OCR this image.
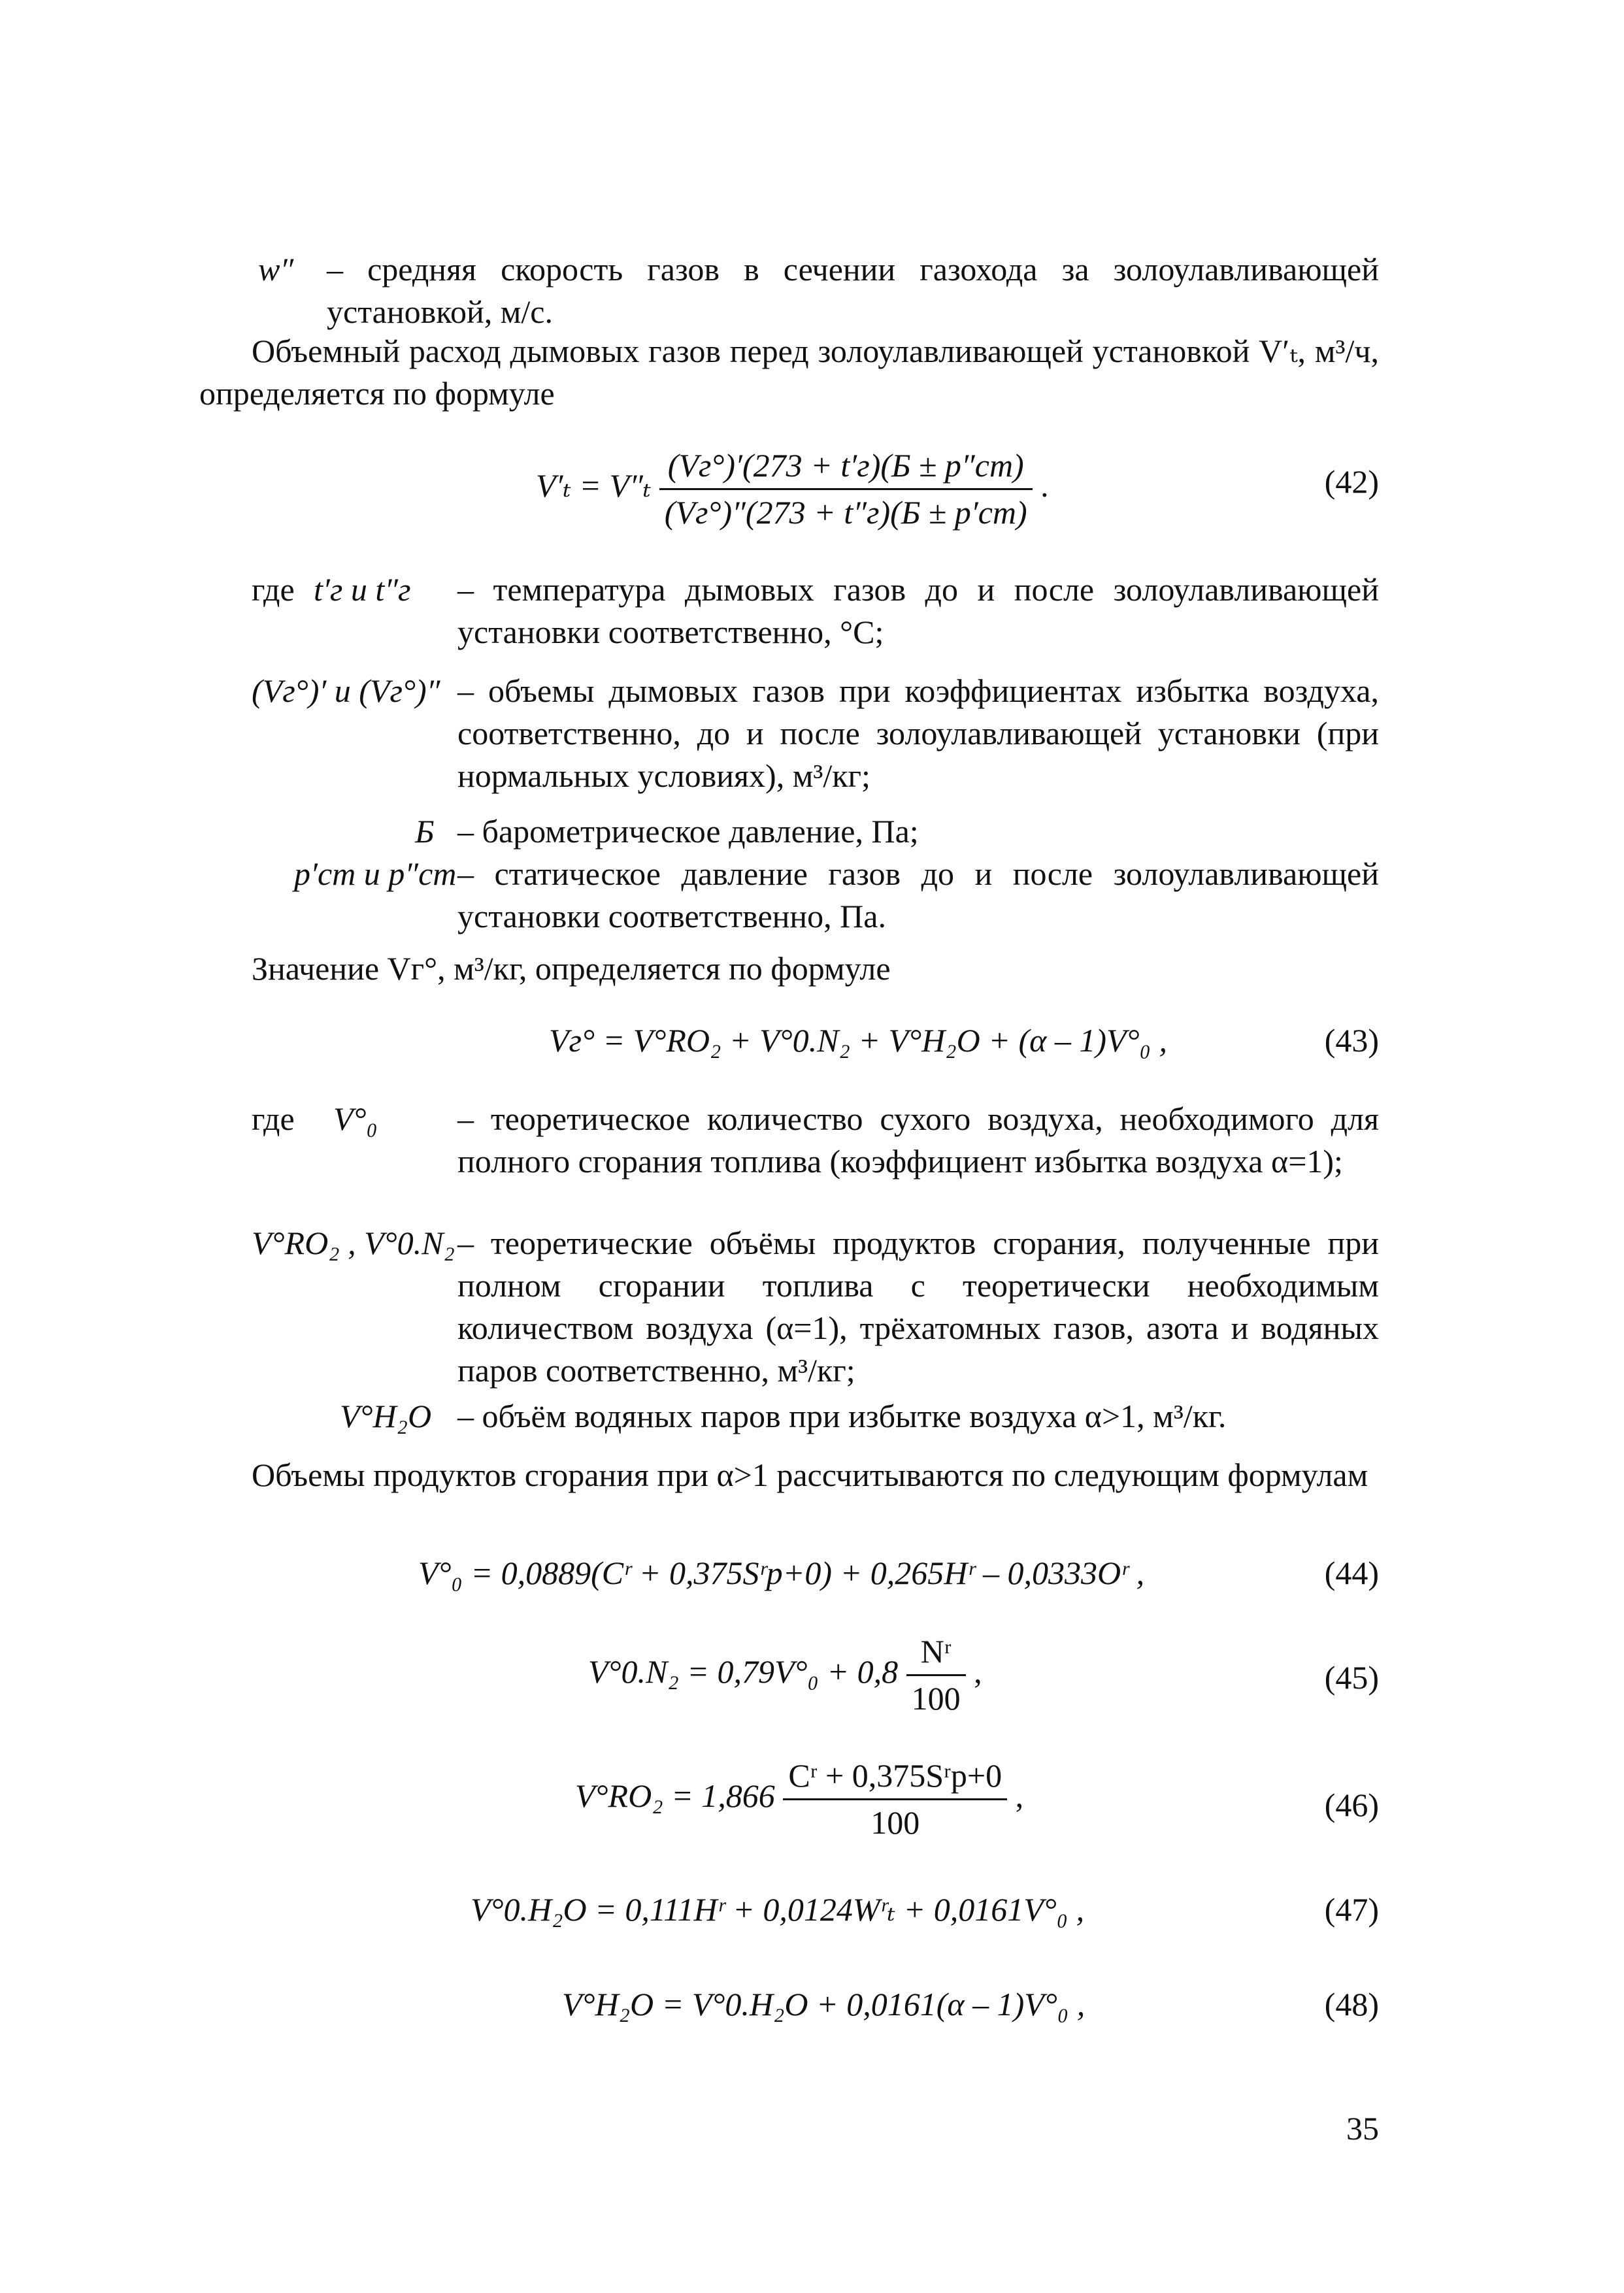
w″ – средняя скорость газов в сечении газохода за золоулавливающей установкой, м/с.
Объемный расход дымовых газов перед золоулавливающей установкой V′ₜ, м³/ч, определяется по формуле
$V'_t = V''_t \frac{(Vг^\circ)'(273 + t'г)(Б \pm p''ст)}{(Vг^\circ)''(273 + t''г)(Б \pm p'ст)}$ .	(42)
где t′г и t″г – температура дымовых газов до и после золоулавливающей установки соответственно, °С;
(Vг°)′ и (Vг°)″ – объемы дымовых газов при коэффициентах избытка воздуха, соответственно, до и после золоулавливающей установки (при нормальных условиях), м³/кг;
Б – барометрическое давление, Па;
p′ст и p″ст – статическое давление газов до и после золоулавливающей установки соответственно, Па.
Значение Vг°, м³/кг, определяется по формуле
Vг° = V°RO₂ + V°0.N₂ + V°H₂O + (α – 1)V°₀ ,	(43)
где V°₀ – теоретическое количество сухого воздуха, необходимого для полного сгорания топлива (коэффициент избытка воздуха α=1);
V°RO₂ , V°0.N₂ – теоретические объёмы продуктов сгорания, полученные при полном сгорании топлива с теоретически необходимым количеством воздуха (α=1), трёхатомных газов, азота и водяных паров соответственно, м³/кг;
V°H₂O – объём водяных паров при избытке воздуха α>1, м³/кг.
Объемы продуктов сгорания при α>1 рассчитываются по следующим формулам
V°₀ = 0,0889(Cʳ + 0,375Sʳp+0) + 0,265Hʳ – 0,0333Oʳ ,	(44)
$V^\circ 0.N_2 = 0,79V^\circ_0 + 0,8 \frac{\text{Nʳ}}{100}$ ,	(45)
$V^\circ RO_2 = 1,866 \frac{\text{Cʳ + 0,375Sʳp+0}}{100}$ ,	(46)
V°0.H₂O = 0,111Hʳ + 0,0124Wʳₜ + 0,0161V°₀ ,	(47)
V°H₂O = V°0.H₂O + 0,0161(α – 1)V°₀ ,	(48)
35
